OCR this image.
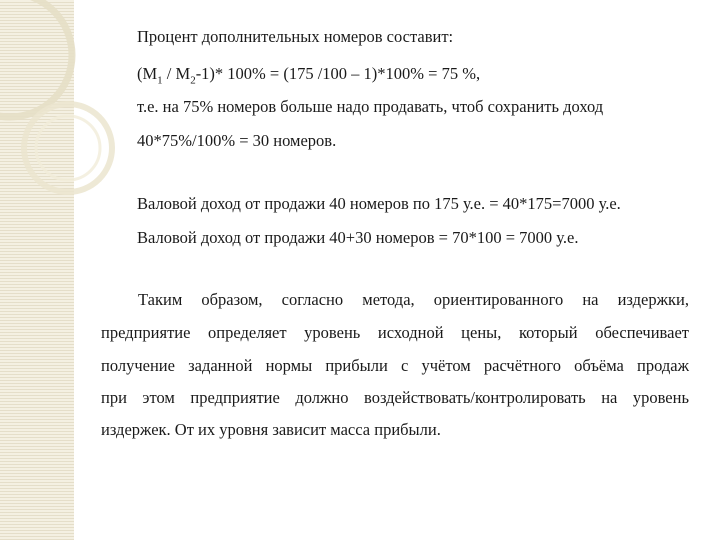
Процент дополнительных номеров составит:
$(M_1 / M_2-1)*$ 100% = (175 /100 – 1)*100% = 75 %,
т.е. на 75% номеров больше надо продавать, чтоб сохранить доход
40*75%/100% = 30 номеров.
Валовой доход от продажи 40 номеров по 175 у.е. = 40*175=7000 у.е.
Валовой доход от продажи 40+30 номеров = 70*100 = 7000 у.е.
Таким образом, согласно метода, ориентированного на издержки,
предприятие определяет уровень исходной цены, который обеспечивает
получение заданной нормы прибыли с учётом расчётного объёма продаж
при этом предприятие должно воздействовать/контролировать на уровень
издержек. От их уровня зависит масса прибыли.
